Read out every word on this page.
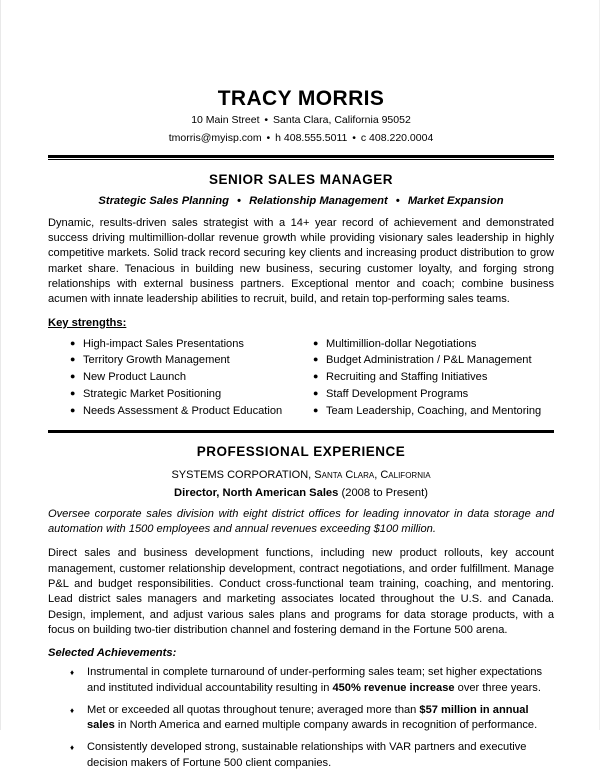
TRACY MORRIS
10 Main Street • Santa Clara, California 95052
tmorris@myisp.com • h 408.555.5011 • c 408.220.0004
SENIOR SALES MANAGER
Strategic Sales Planning • Relationship Management • Market Expansion
Dynamic, results-driven sales strategist with a 14+ year record of achievement and demonstrated success driving multimillion-dollar revenue growth while providing visionary sales leadership in highly competitive markets. Solid track record securing key clients and increasing product distribution to grow market share. Tenacious in building new business, securing customer loyalty, and forging strong relationships with external business partners. Exceptional mentor and coach; combine business acumen with innate leadership abilities to recruit, build, and retain top-performing sales teams.
Key strengths:
● High-impact Sales Presentations
● Territory Growth Management
● New Product Launch
● Strategic Market Positioning
● Needs Assessment & Product Education
● Multimillion-dollar Negotiations
● Budget Administration / P&L Management
● Recruiting and Staffing Initiatives
● Staff Development Programs
● Team Leadership, Coaching, and Mentoring
PROFESSIONAL EXPERIENCE
SYSTEMS CORPORATION, Santa Clara, California
Director, North American Sales (2008 to Present)
Oversee corporate sales division with eight district offices for leading innovator in data storage and automation with 1500 employees and annual revenues exceeding $100 million.
Direct sales and business development functions, including new product rollouts, key account management, customer relationship development, contract negotiations, and order fulfillment. Manage P&L and budget responsibilities. Conduct cross-functional team training, coaching, and mentoring. Lead district sales managers and marketing associates located throughout the U.S. and Canada. Design, implement, and adjust various sales plans and programs for data storage products, with a focus on building two-tier distribution channel and fostering demand in the Fortune 500 arena.
Selected Achievements:
♦	Instrumental in complete turnaround of under-performing sales team; set higher expectations and instituted individual accountability resulting in 450% revenue increase over three years.
♦	Met or exceeded all quotas throughout tenure; averaged more than $57 million in annual sales in North America and earned multiple company awards in recognition of performance.
♦	Consistently developed strong, sustainable relationships with VAR partners and executive decision makers of Fortune 500 client companies.
